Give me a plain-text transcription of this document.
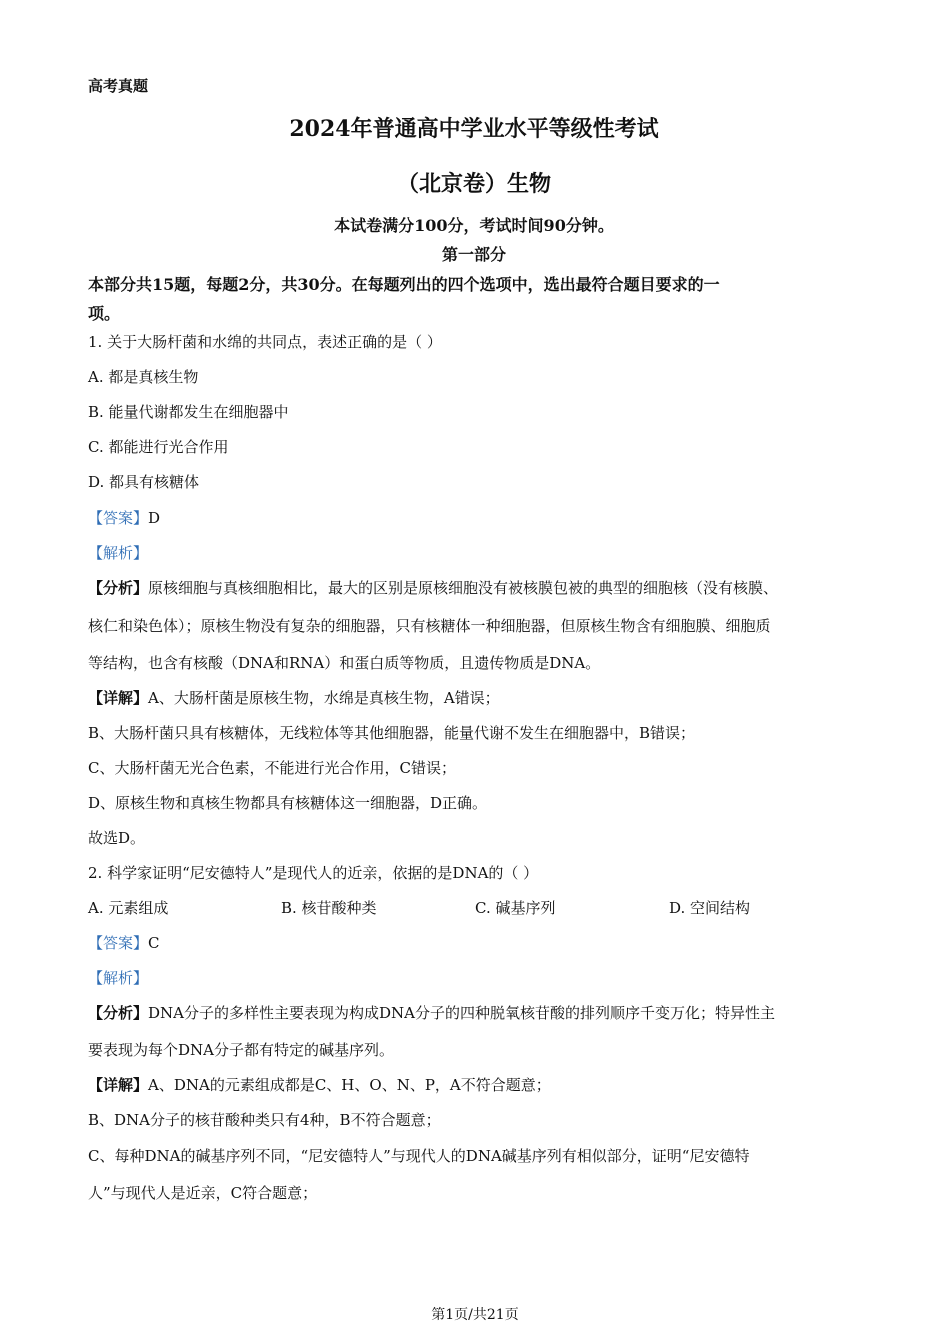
高考真题
2024年普通高中学业水平等级性考试
（北京卷）生物
本试卷满分100分，考试时间90分钟。
第一部分
本部分共15题，每题2分，共30分。在每题列出的四个选项中，选出最符合题目要求的一
项。
1. 关于大肠杆菌和水绵的共同点，表述正确的是（ ）
A. 都是真核生物
B. 能量代谢都发生在细胞器中
C. 都能进行光合作用
D. 都具有核糖体
【答案】D
【解析】
【分析】原核细胞与真核细胞相比，最大的区别是原核细胞没有被核膜包被的典型的细胞核（没有核膜、
核仁和染色体）；原核生物没有复杂的细胞器，只有核糖体一种细胞器，但原核生物含有细胞膜、细胞质
等结构，也含有核酸（DNA和RNA）和蛋白质等物质，且遗传物质是DNA。
【详解】A、大肠杆菌是原核生物，水绵是真核生物，A错误；
B、大肠杆菌只具有核糖体，无线粒体等其他细胞器，能量代谢不发生在细胞器中，B错误；
C、大肠杆菌无光合色素，不能进行光合作用，C错误；
D、原核生物和真核生物都具有核糖体这一细胞器，D正确。
故选D。
2. 科学家证明“尼安德特人”是现代人的近亲，依据的是DNA的（ ）
A. 元素组成	B. 核苷酸种类	C. 碱基序列	D. 空间结构
【答案】C
【解析】
【分析】DNA分子的多样性主要表现为构成DNA分子的四种脱氧核苷酸的排列顺序千变万化；特异性主
要表现为每个DNA分子都有特定的碱基序列。
【详解】A、DNA的元素组成都是C、H、O、N、P，A不符合题意；
B、DNA分子的核苷酸种类只有4种，B不符合题意；
C、每种DNA的碱基序列不同，“尼安德特人”与现代人的DNA碱基序列有相似部分，证明“尼安德特
人”与现代人是近亲，C符合题意；
第1页/共21页
